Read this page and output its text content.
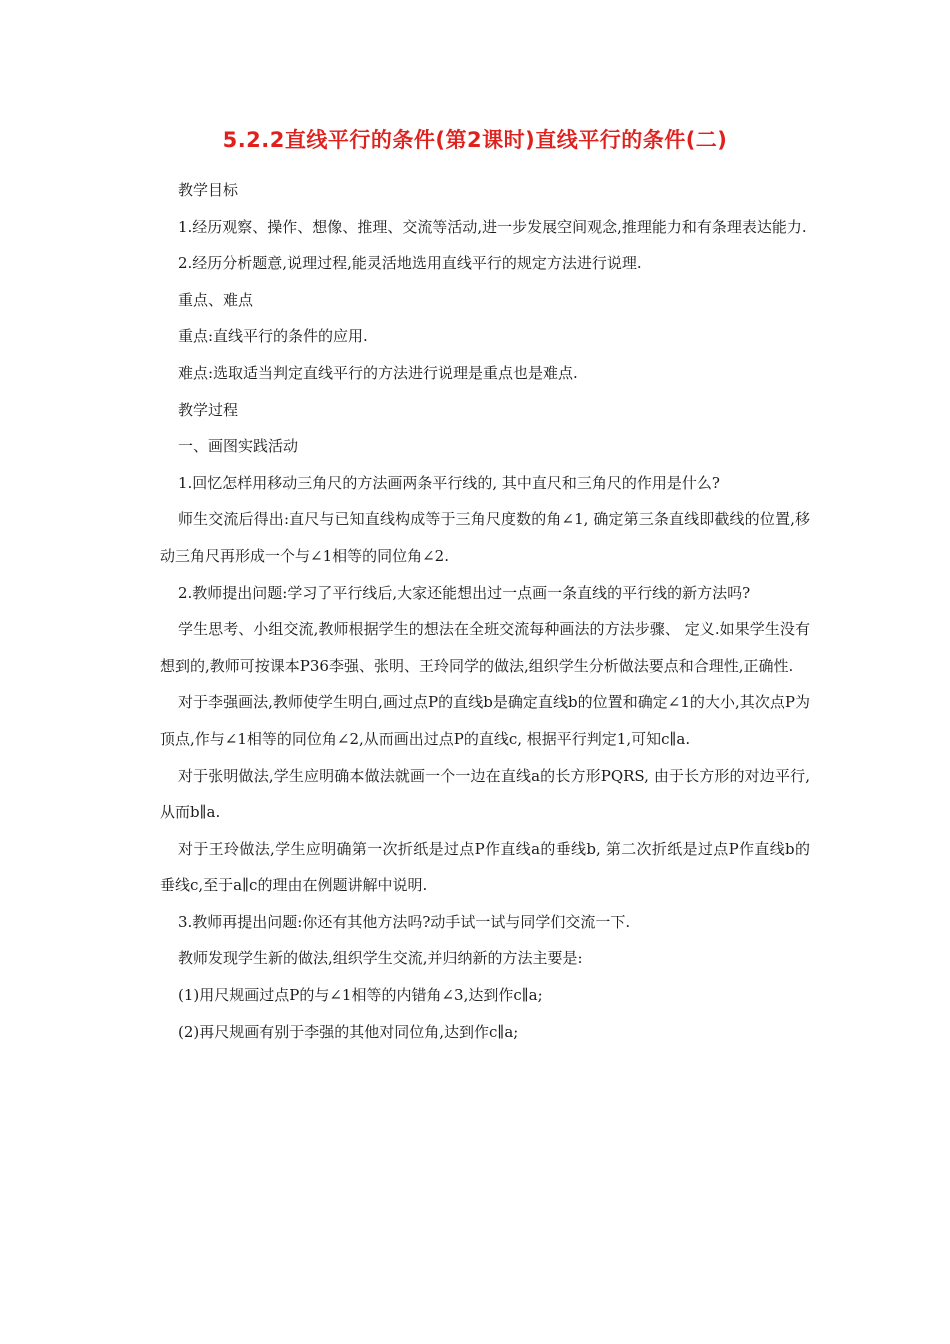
5.2.2直线平行的条件(第2课时)直线平行的条件(二)

教学目标

1.经历观察、操作、想像、推理、交流等活动,进一步发展空间观念,推理能力和有条理表达能力.

2.经历分析题意,说理过程,能灵活地选用直线平行的规定方法进行说理.

重点、难点

重点:直线平行的条件的应用.

难点:选取适当判定直线平行的方法进行说理是重点也是难点.

教学过程

一、画图实践活动

1.回忆怎样用移动三角尺的方法画两条平行线的, 其中直尺和三角尺的作用是什么?

师生交流后得出:直尺与已知直线构成等于三角尺度数的角∠1, 确定第三条直线即截线的位置,移动三角尺再形成一个与∠1相等的同位角∠2.

2.教师提出问题:学习了平行线后,大家还能想出过一点画一条直线的平行线的新方法吗?

学生思考、小组交流,教师根据学生的想法在全班交流每种画法的方法步骤、 定义.如果学生没有想到的,教师可按课本P36李强、张明、王玲同学的做法,组织学生分析做法要点和合理性,正确性.

对于李强画法,教师使学生明白,画过点P的直线b是确定直线b的位置和确定∠1的大小,其次点P为顶点,作与∠1相等的同位角∠2,从而画出过点P的直线c, 根据平行判定1,可知c∥a.

对于张明做法,学生应明确本做法就画一个一边在直线a的长方形PQRS, 由于长方形的对边平行,从而b∥a.

对于王玲做法,学生应明确第一次折纸是过点P作直线a的垂线b, 第二次折纸是过点P作直线b的垂线c,至于a∥c的理由在例题讲解中说明.

3.教师再提出问题:你还有其他方法吗?动手试一试与同学们交流一下.

教师发现学生新的做法,组织学生交流,并归纳新的方法主要是:

(1)用尺规画过点P的与∠1相等的内错角∠3,达到作c∥a;

(2)再尺规画有别于李强的其他对同位角,达到作c∥a;
